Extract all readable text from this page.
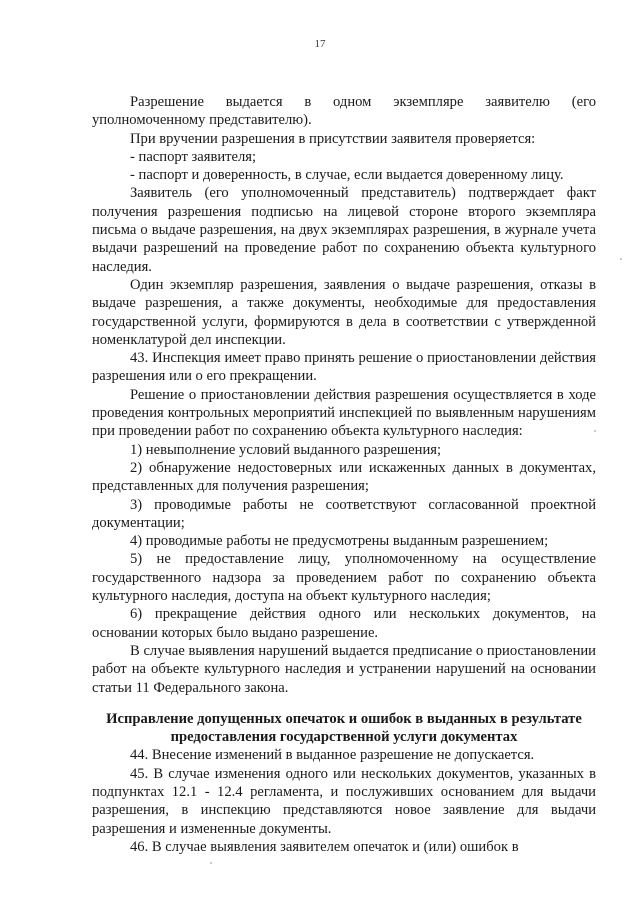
17

Разрешение выдается в одном экземпляре заявителю (его уполномоченному представителю).

При вручении разрешения в присутствии заявителя проверяется:

- паспорт заявителя;

- паспорт и доверенность, в случае, если выдается доверенному лицу.

Заявитель (его уполномоченный представитель) подтверждает факт получения разрешения подписью на лицевой стороне второго экземпляра письма о выдаче разрешения, на двух экземплярах разрешения, в журнале учета выдачи разрешений на проведение работ по сохранению объекта культурного наследия.

Один экземпляр разрешения, заявления о выдаче разрешения, отказы в выдаче разрешения, а также документы, необходимые для предоставления государственной услуги, формируются в дела в соответствии с утвержденной номенклатурой дел инспекции.

43. Инспекция имеет право принять решение о приостановлении действия разрешения или о его прекращении.

Решение о приостановлении действия разрешения осуществляется в ходе проведения контрольных мероприятий инспекцией по выявленным нарушениям при проведении работ по сохранению объекта культурного наследия:

1) невыполнение условий выданного разрешения;

2) обнаружение недостоверных или искаженных данных в документах, представленных для получения разрешения;

3) проводимые работы не соответствуют согласованной проектной документации;

4) проводимые работы не предусмотрены выданным разрешением;

5) не предоставление лицу, уполномоченному на осуществление государственного надзора за проведением работ по сохранению объекта культурного наследия, доступа на объект культурного наследия;

6) прекращение действия одного или нескольких документов, на основании которых было выдано разрешение.

В случае выявления нарушений выдается предписание о приостановлении работ на объекте культурного наследия и устранении нарушений на основании статьи 11 Федерального закона.

Исправление допущенных опечаток и ошибок в выданных в результате предоставления государственной услуги документах

44. Внесение изменений в выданное разрешение не допускается.

45. В случае изменения одного или нескольких документов, указанных в подпунктах 12.1 - 12.4 регламента, и послуживших основанием для выдачи разрешения, в инспекцию представляются новое заявление для выдачи разрешения и измененные документы.

46. В случае выявления заявителем опечаток и (или) ошибок в
